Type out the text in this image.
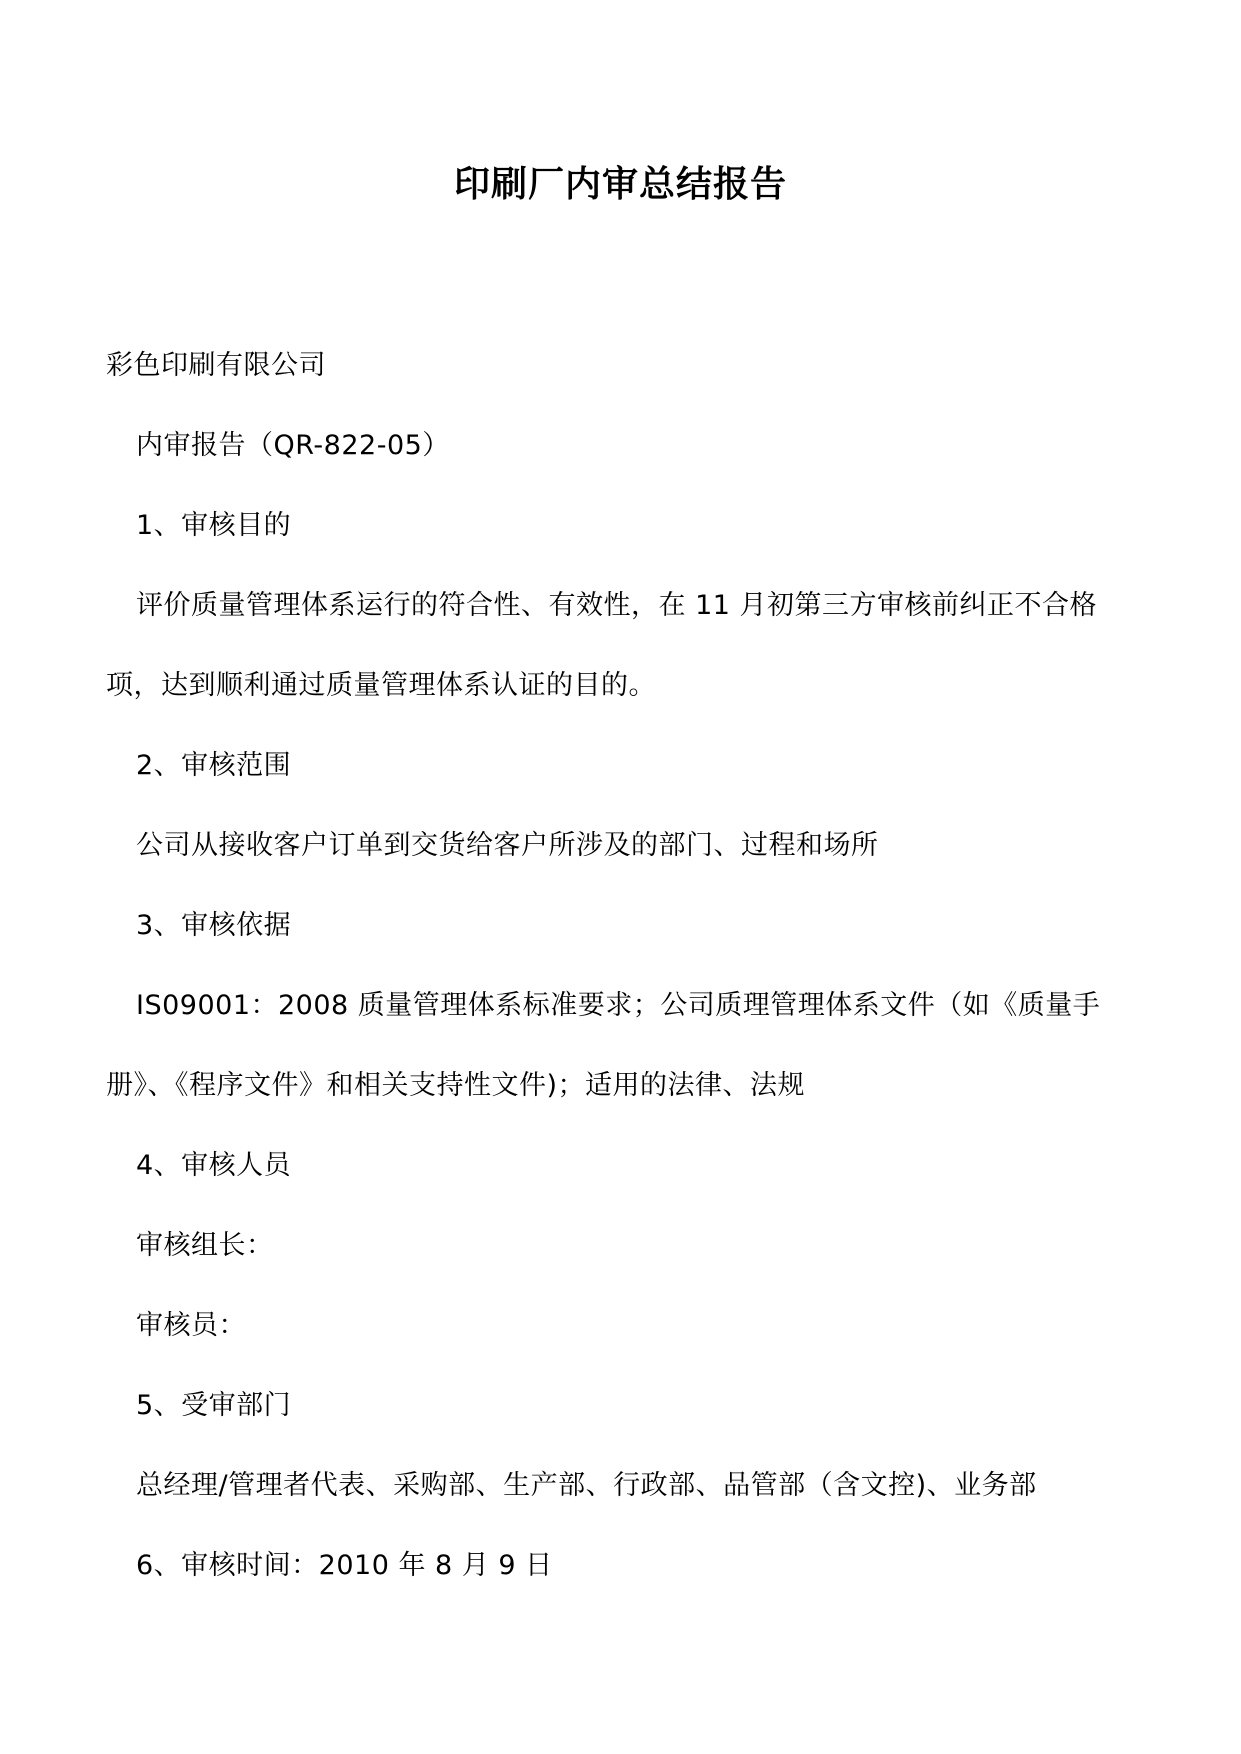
印刷厂内审总结报告
彩色印刷有限公司
内审报告（QR-822-05）
1、审核目的
评价质量管理体系运行的符合性、有效性，在 11 月初第三方审核前纠正不合格
项，达到顺利通过质量管理体系认证的目的。
2、审核范围
公司从接收客户订单到交货给客户所涉及的部门、过程和场所
3、审核依据
IS09001：2008 质量管理体系标准要求；公司质理管理体系文件（如《质量手
册》、《程序文件》和相关支持性文件)；适用的法律、法规
4、审核人员
审核组长：
审核员：
5、受审部门
总经理/管理者代表、采购部、生产部、行政部、品管部（含文控)、业务部
6、审核时间：2010 年 8 月 9 日
